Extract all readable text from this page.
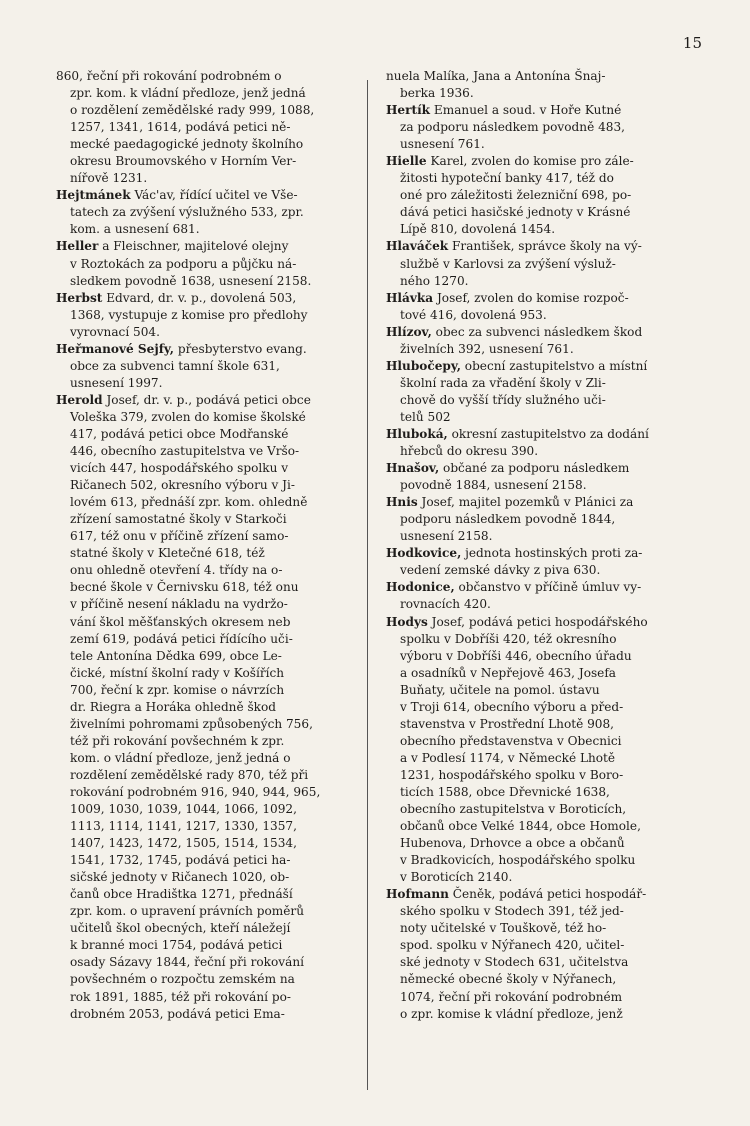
15

860, řeční při rokování podrobném o
zpr. kom. k vládní předloze, jenž jedná
o rozdělení zemědělské rady 999, 1088,
1257, 1341, 1614, podává petici ně-
mecké paedagogické jednoty školního
okresu Broumovského v Horním Ver-
nířově 1231.

Hejtmánek Vác'av, řídící učitel ve Vše-
tatech za zvýšení výslužného 533, zpr.
kom. a usnesení 681.

Heller a Fleischner, majitelové olejny
v Roztokách za podporu a půjčku ná-
sledkem povodně 1638, usnesení 2158.

Herbst Edvard, dr. v. p., dovolená 503,
1368, vystupuje z komise pro předlohy
vyrovnací 504.

Heřmanové Sejfy, přesbyterstvo evang.
obce za subvenci tamní škole 631,
usnesení 1997.

Herold Josef, dr. v. p., podává petici obce
Voleška 379, zvolen do komise školské
417, podává petici obce Modřanské
446, obecního zastupitelstva ve Vršo-
vicích 447, hospodářského spolku v
Ričanech 502, okresního výboru v Ji-
lovém 613, přednáší zpr. kom. ohledně
zřízení samostatné školy v Starkoči
617, též onu v příčině zřízení samo-
statné školy v Kletečné 618, též
onu ohledně otevření 4. třídy na o-
becné škole v Černivsku 618, též onu
v příčině nesení nákladu na vydržo-
vání škol měšťanských okresem neb
zemí 619, podává petici řídícího uči-
tele Antonína Dědka 699, obce Le-
čické, místní školní rady v Košířích
700, řeční k zpr. komise o návrzích
dr. Riegra a Horáka ohledně škod
živelními pohromami způsobených 756,
též při rokování povšechném k zpr.
kom. o vládní předloze, jenž jedná o
rozdělení zemědělské rady 870, též při
rokování podrobném 916, 940, 944, 965,
1009, 1030, 1039, 1044, 1066, 1092,
1113, 1114, 1141, 1217, 1330, 1357,
1407, 1423, 1472, 1505, 1514, 1534,
1541, 1732, 1745, podává petici ha-
sičské jednoty v Ričanech 1020, ob-
čanů obce Hradištka 1271, přednáší
zpr. kom. o upravení právních poměrů
učitelů škol obecných, kteří náležejí
k branné moci 1754, podává petici
osady Sázavy 1844, řeční při rokování
povšechném o rozpočtu zemském na
rok 1891, 1885, též při rokování po-
drobném 2053, podává petici Ema-

nuela Malíka, Jana a Antonína Šnaj-
berka 1936.

Hertík Emanuel a soud. v Hoře Kutné
za podporu následkem povodně 483,
usnesení 761.

Hielle Karel, zvolen do komise pro zále-
žitosti hypoteční banky 417, též do
oné pro záležitosti železniční 698, po-
dává petici hasičské jednoty v Krásné
Lípě 810, dovolená 1454.

Hlaváček František, správce školy na vý-
službě v Karlovsi za zvýšení výsluž-
ného 1270.

Hlávka Josef, zvolen do komise rozpoč-
tové 416, dovolená 953.

Hlízov, obec za subvenci následkem škod
živelních 392, usnesení 761.

Hlubočepy, obecní zastupitelstvo a místní
školní rada za vřadění školy v Zli-
chově do vyšší třídy služného uči-
telů 502

Hluboká, okresní zastupitelstvo za dodání
hřebců do okresu 390.

Hnašov, občané za podporu následkem
povodně 1884, usnesení 2158.

Hnis Josef, majitel pozemků v Plánici za
podporu následkem povodně 1844,
usnesení 2158.

Hodkovice, jednota hostinských proti za-
vedení zemské dávky z piva 630.

Hodonice, občanstvo v příčině úmluv vy-
rovnacích 420.

Hodys Josef, podává petici hospodářského
spolku v Dobříši 420, též okresního
výboru v Dobříši 446, obecního úřadu
a osadníků v Nepřejově 463, Josefa
Buňaty, učitele na pomol. ústavu
v Troji 614, obecního výboru a před-
stavenstva v Prostřední Lhotě 908,
obecního představenstva v Obecnici
a v Podlesí 1174, v Německé Lhotě
1231, hospodářského spolku v Boro-
ticích 1588, obce Dřevnické 1638,
obecního zastupitelstva v Boroticích,
občanů obce Velké 1844, obce Homole,
Hubenova, Drhovce a obce a občanů
v Bradkovicích, hospodářského spolku
v Boroticích 2140.

Hofmann Čeněk, podává petici hospodář-
ského spolku v Stodech 391, též jed-
noty učitelské v Touškově, též ho-
spod. spolku v Nýřanech 420, učitel-
ské jednoty v Stodech 631, učitelstva
německé obecné školy v Nýřanech,
1074, řeční při rokování podrobném
o zpr. komise k vládní předloze, jenž
